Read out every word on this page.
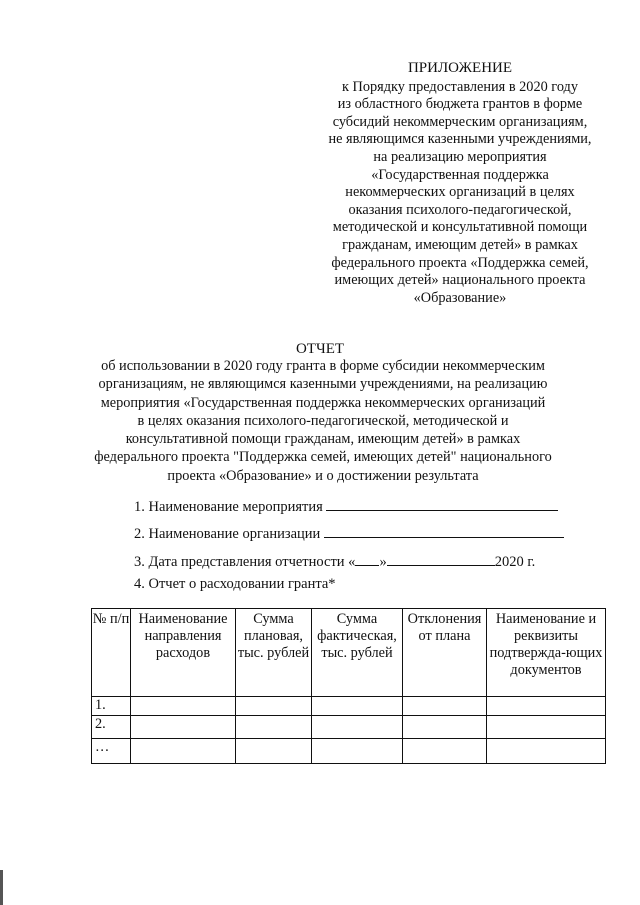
ПРИЛОЖЕНИЕ
к Порядку предоставления в 2020 году
из областного бюджета грантов в форме
субсидий некоммерческим организациям,
не являющимся казенными учреждениями,
на реализацию мероприятия
«Государственная поддержка
некоммерческих организаций в целях
оказания психолого-педагогической,
методической и консультативной помощи
гражданам, имеющим детей» в рамках
федерального проекта «Поддержка семей,
имеющих детей» национального проекта
«Образование»
ОТЧЕТ
об использовании в 2020 году гранта в форме субсидии некоммерческим
организациям, не являющимся казенными учреждениями, на реализацию
мероприятия «Государственная поддержка некоммерческих организаций
в целях оказания психолого-педагогической, методической и
консультативной помощи гражданам, имеющим детей» в рамках
федерального проекта "Поддержка семей, имеющих детей" национального
проекта «Образование» и о достижении результата
1. Наименование мероприятия
2. Наименование организации
3. Дата представления отчетности « »	2020 г.
4. Отчет о расходовании гранта*
№ п/п	Наименование направления расходов	Сумма плановая, тыс. рублей	Сумма фактическая, тыс. рублей	Отклонения от плана	Наименование и реквизиты подтвержда-ющих документов
1.					
2.					
…					
